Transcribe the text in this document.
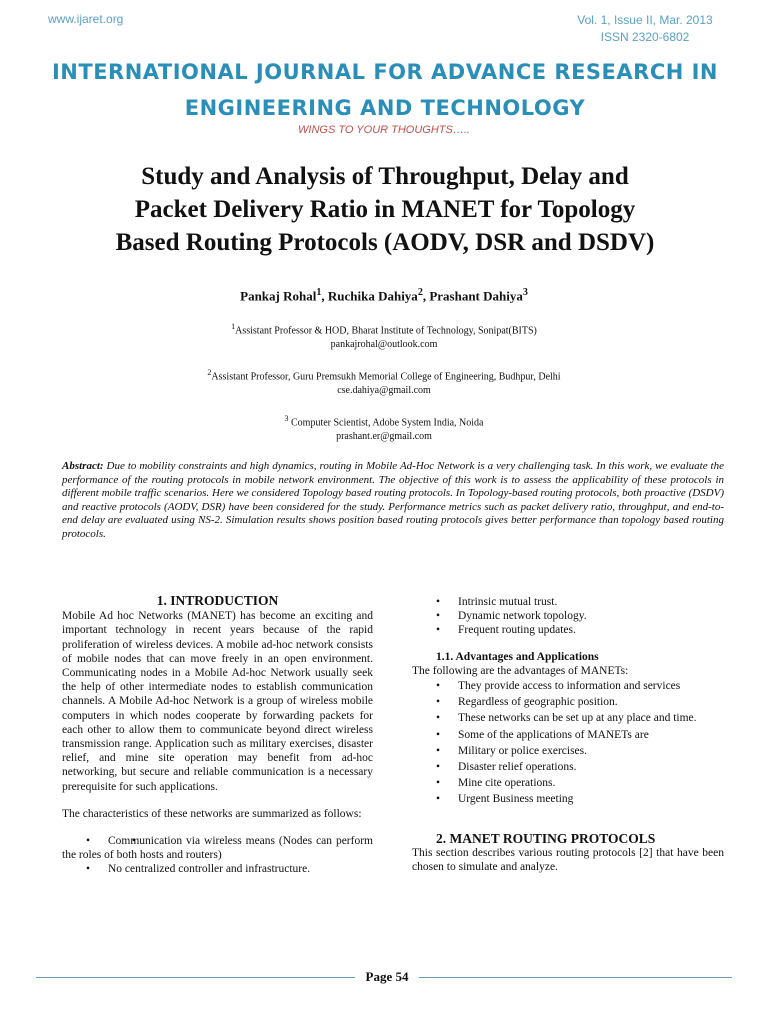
www.ijaret.org	Vol. 1, Issue II, Mar. 2013
ISSN 2320-6802
INTERNATIONAL JOURNAL FOR ADVANCE RESEARCH IN
ENGINEERING AND TECHNOLOGY
WINGS TO YOUR THOUGHTS…..
Study and Analysis of Throughput, Delay and
Packet Delivery Ratio in MANET for Topology
Based Routing Protocols (AODV, DSR and DSDV)
Pankaj Rohal$^1$, Ruchika Dahiya$^2$, Prashant Dahiya$^3$
$^1$Assistant Professor & HOD, Bharat Institute of Technology, Sonipat(BITS)
pankajrohal@outlook.com
$^2$Assistant Professor, Guru Premsukh Memorial College of Engineering, Budhpur, Delhi
cse.dahiya@gmail.com
$^3$ Computer Scientist, Adobe System India, Noida
prashant.er@gmail.com
Abstract: Due to mobility constraints and high dynamics, routing in Mobile Ad-Hoc Network is a very challenging task. In this work, we evaluate the performance of the routing protocols in mobile network environment. The objective of this work is to assess the applicability of these protocols in different mobile traffic scenarios. Here we considered Topology based routing protocols. In Topology-based routing protocols, both proactive (DSDV) and reactive protocols (AODV, DSR) have been considered for the study. Performance metrics such as packet delivery ratio, throughput, and end-to-end delay are evaluated using NS-2. Simulation results shows position based routing protocols gives better performance than topology based routing protocols.
1. INTRODUCTION
Mobile Ad hoc Networks (MANET) has become an exciting and important technology in recent years because of the rapid proliferation of wireless devices. A mobile ad-hoc network consists of mobile nodes that can move freely in an open environment. Communicating nodes in a Mobile Ad-hoc Network usually seek the help of other intermediate nodes to establish communication channels. A Mobile Ad-hoc Network is a group of wireless mobile computers in which nodes cooperate by forwarding packets for each other to allow them to communicate beyond direct wireless transmission range. Application such as military exercises, disaster relief, and mine site operation may benefit from ad-hoc networking, but secure and reliable communication is a necessary prerequisite for such applications.
The characteristics of these networks are summarized as follows:
• • Communication via wireless means (Nodes can perform the roles of both hosts and routers)
• No centralized controller and infrastructure.
• Intrinsic mutual trust.
• Dynamic network topology.
• Frequent routing updates.
1.1. Advantages and Applications
The following are the advantages of MANETs:
• They provide access to information and services
• Regardless of geographic position.
• These networks can be set up at any place and time.
• Some of the applications of MANETs are
• Military or police exercises.
• Disaster relief operations.
• Mine cite operations.
• Urgent Business meeting
2. MANET ROUTING PROTOCOLS
This section describes various routing protocols [2] that have been chosen to simulate and analyze.
Page 54
